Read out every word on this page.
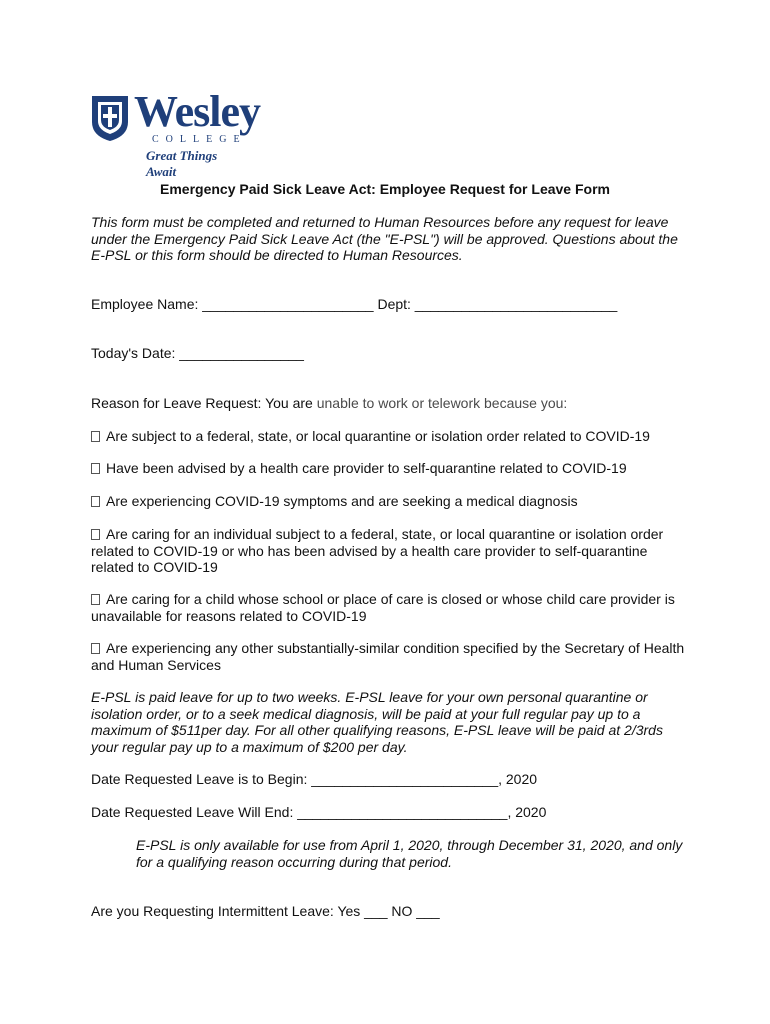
Wesley
COLLEGE
Great Things Await
Emergency Paid Sick Leave Act: Employee Request for Leave Form
This form must be completed and returned to Human Resources before any request for leave under the Emergency Paid Sick Leave Act (the "E-PSL") will be approved. Questions about the E-PSL or this form should be directed to Human Resources.
Employee Name: ______________________ Dept: __________________________
Today's Date: ________________
Reason for Leave Request: You are unable to work or telework because you:
Are subject to a federal, state, or local quarantine or isolation order related to COVID-19
Have been advised by a health care provider to self-quarantine related to COVID-19
Are experiencing COVID-19 symptoms and are seeking a medical diagnosis
Are caring for an individual subject to a federal, state, or local quarantine or isolation order related to COVID-19 or who has been advised by a health care provider to self-quarantine related to COVID-19
Are caring for a child whose school or place of care is closed or whose child care provider is unavailable for reasons related to COVID-19
Are experiencing any other substantially-similar condition specified by the Secretary of Health and Human Services
E-PSL is paid leave for up to two weeks. E-PSL leave for your own personal quarantine or isolation order, or to a seek medical diagnosis, will be paid at your full regular pay up to a maximum of $511per day. For all other qualifying reasons, E-PSL leave will be paid at 2/3rds your regular pay up to a maximum of $200 per day.
Date Requested Leave is to Begin: ________________________, 2020
Date Requested Leave Will End: ___________________________, 2020
E-PSL is only available for use from April 1, 2020, through December 31, 2020, and only for a qualifying reason occurring during that period.
Are you Requesting Intermittent Leave: Yes ___ NO ___
